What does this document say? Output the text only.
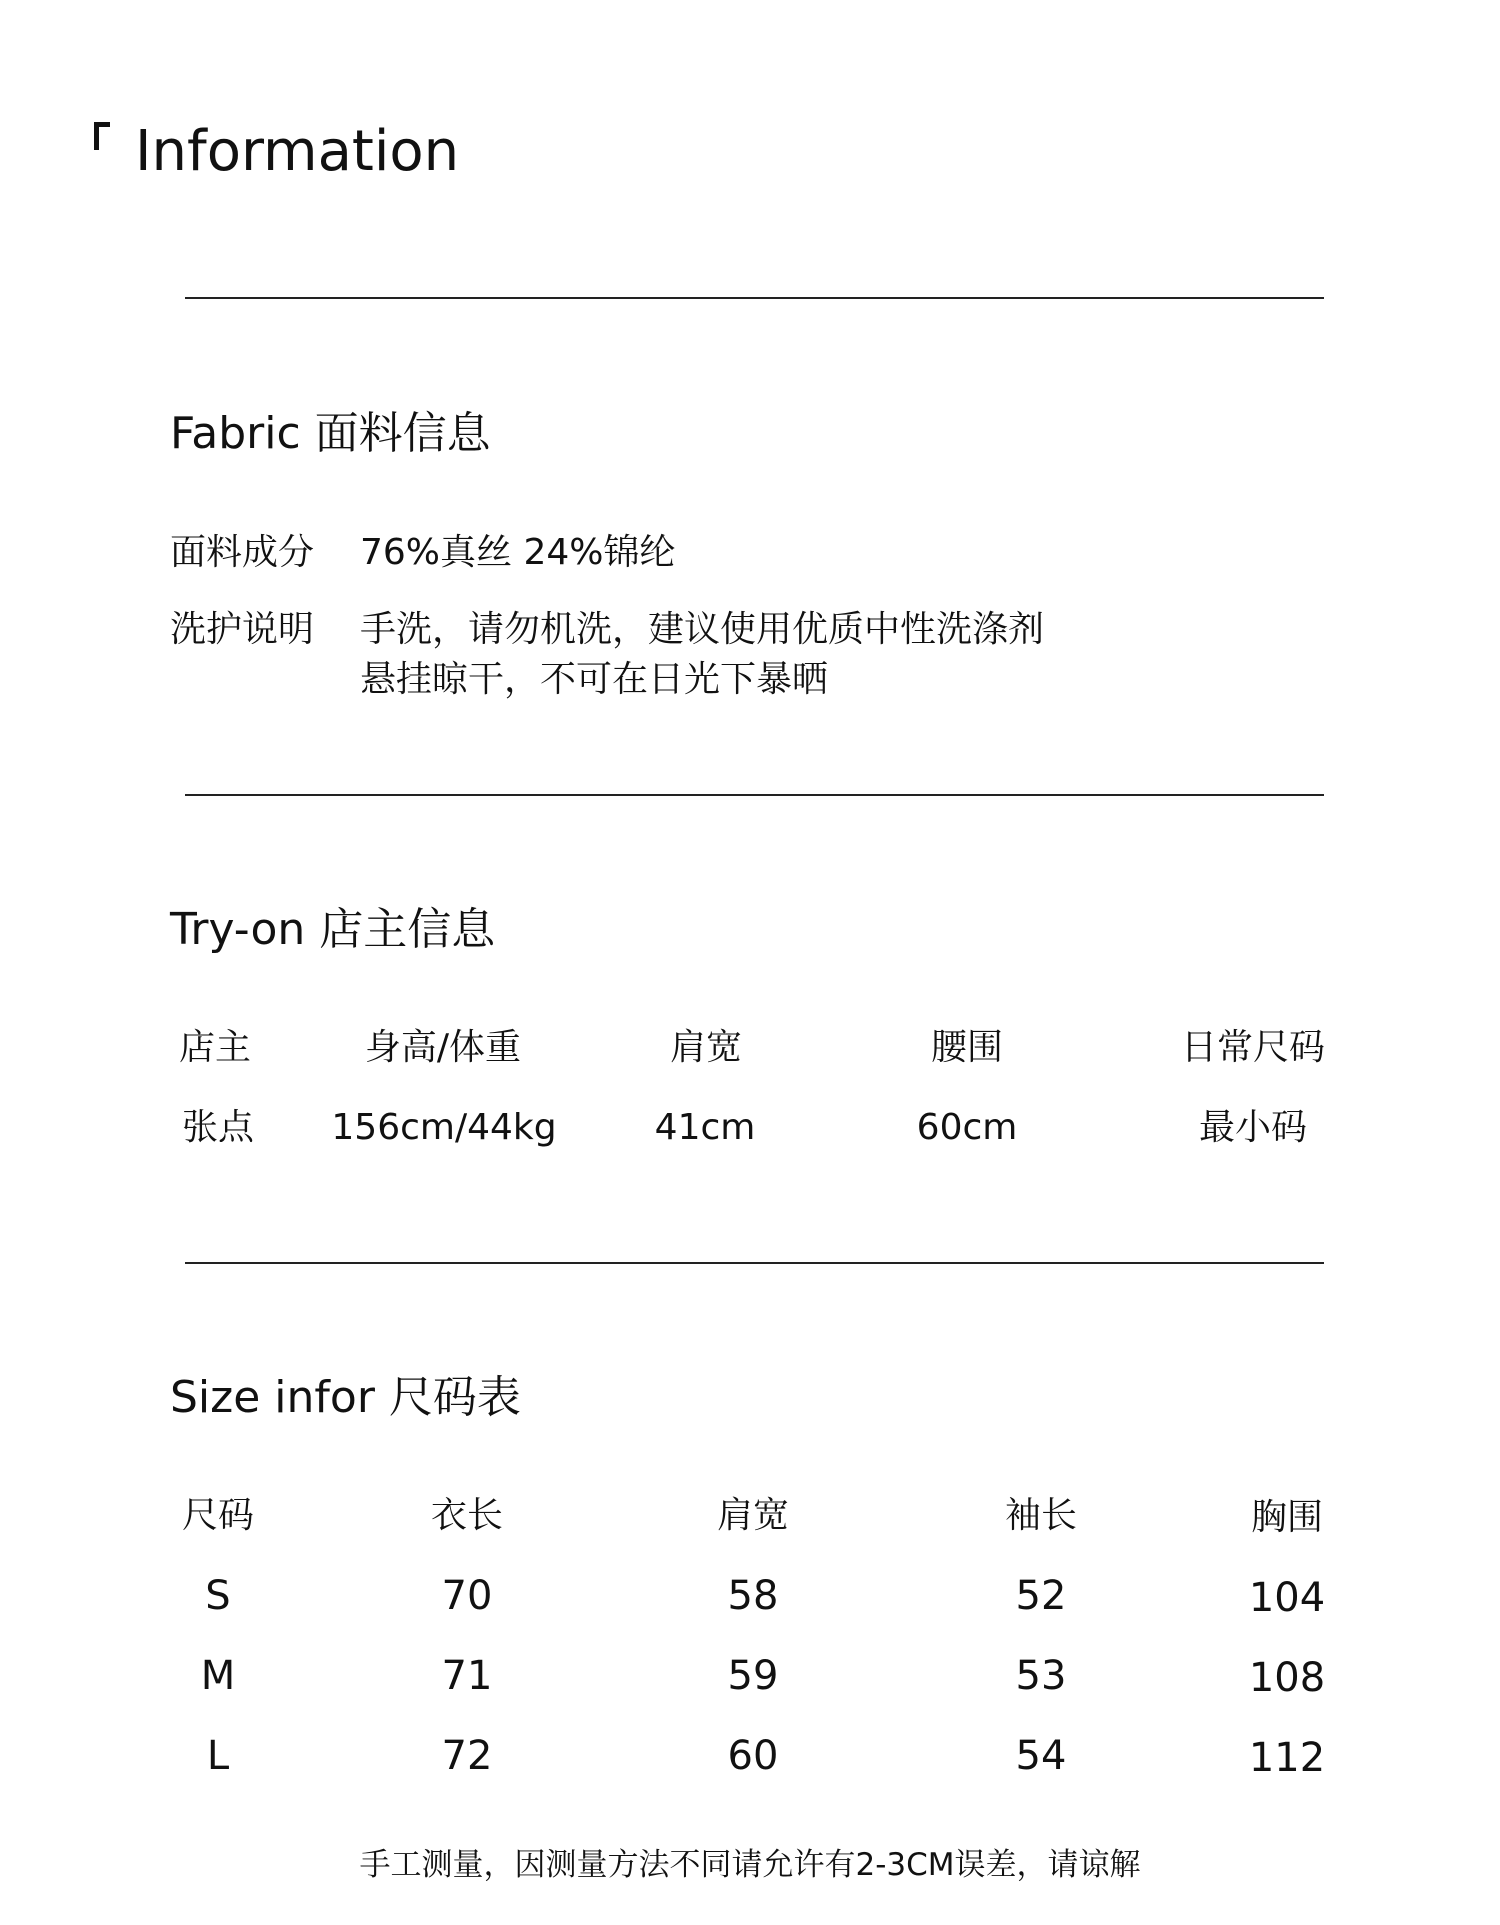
Information
Fabric 面料信息
面料成分 76%真丝 24%锦纶
洗护说明 手洗，请勿机洗，建议使用优质中性洗涤剂
悬挂晾干，不可在日光下暴晒
Try-on 店主信息
店主	身高/体重	肩宽	腰围	日常尺码
张点 156cm/44kg	41cm	60cm	最小码
Size infor 尺码表
尺码	衣长	肩宽	袖长	胸围
S	70	58	52	104
M	71	59	53	108
L	72	60	54	112
手工测量，因测量方法不同请允许有2-3CM误差，请谅解
